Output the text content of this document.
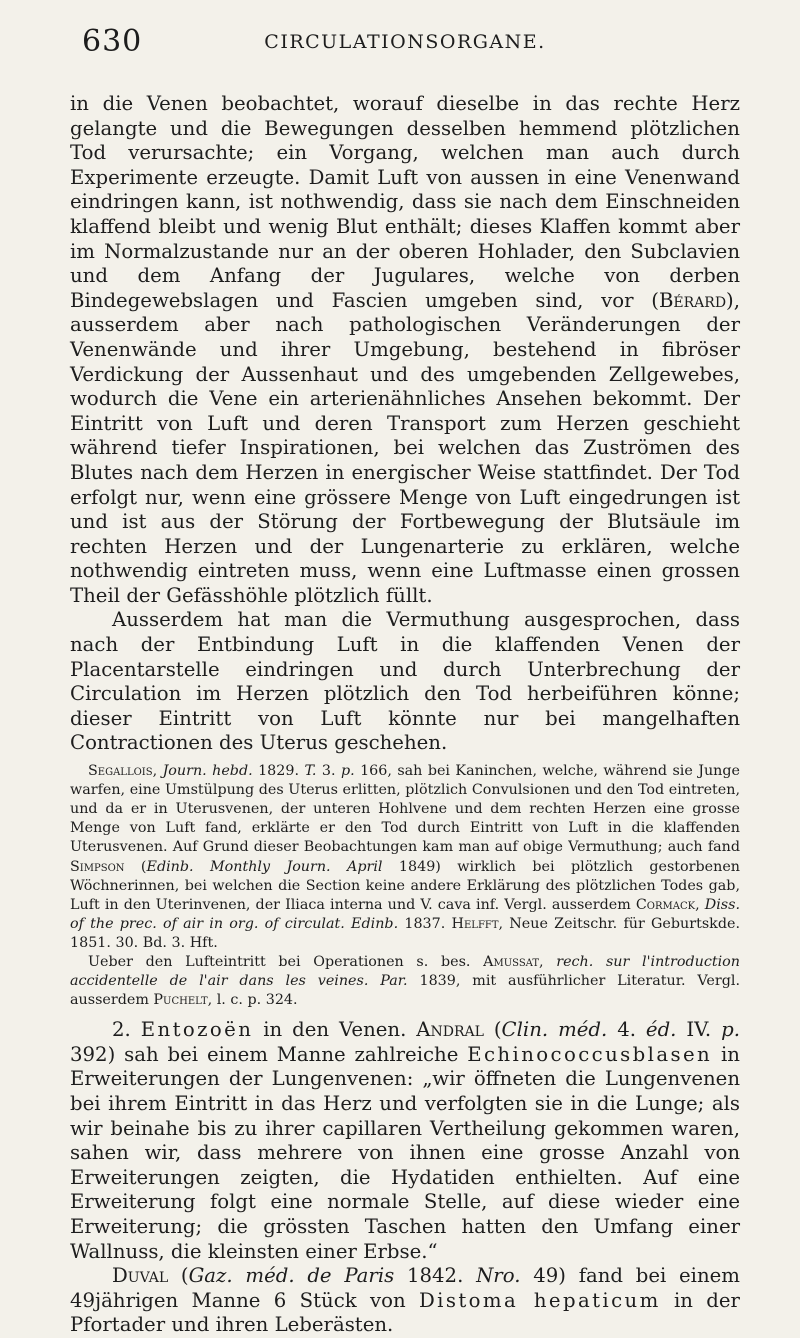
630	CIRCULATIONSORGANE.

in die Venen beobachtet, worauf dieselbe in das rechte Herz gelangte und die Bewegungen desselben hemmend plötzlichen Tod verursachte; ein Vorgang, welchen man auch durch Experimente erzeugte. Damit Luft von aussen in eine Venenwand eindringen kann, ist nothwendig, dass sie nach dem Einschneiden klaffend bleibt und wenig Blut enthält; dieses Klaffen kommt aber im Normalzustande nur an der oberen Hohlader, den Subclavien und dem Anfang der Jugulares, welche von derben Bindegewebslagen und Fascien umgeben sind, vor (Bérard), ausserdem aber nach pathologischen Veränderungen der Venenwände und ihrer Umgebung, bestehend in fibröser Verdickung der Aussenhaut und des umgebenden Zellgewebes, wodurch die Vene ein arterienähnliches Ansehen bekommt. Der Eintritt von Luft und deren Transport zum Herzen geschieht während tiefer Inspirationen, bei welchen das Zuströmen des Blutes nach dem Herzen in energischer Weise stattfindet. Der Tod erfolgt nur, wenn eine grössere Menge von Luft eingedrungen ist und ist aus der Störung der Fortbewegung der Blutsäule im rechten Herzen und der Lungenarterie zu erklären, welche nothwendig eintreten muss, wenn eine Luftmasse einen grossen Theil der Gefässhöhle plötzlich füllt.

Ausserdem hat man die Vermuthung ausgesprochen, dass nach der Entbindung Luft in die klaffenden Venen der Placentarstelle eindringen und durch Unterbrechung der Circulation im Herzen plötzlich den Tod herbeiführen könne; dieser Eintritt von Luft könnte nur bei mangelhaften Contractionen des Uterus geschehen.

Segallois, Journ. hebd. 1829. T. 3. p. 166, sah bei Kaninchen, welche, während sie Junge warfen, eine Umstülpung des Uterus erlitten, plötzlich Convulsionen und den Tod eintreten, und da er in Uterusvenen, der unteren Hohlvene und dem rechten Herzen eine grosse Menge von Luft fand, erklärte er den Tod durch Eintritt von Luft in die klaffenden Uterusvenen. Auf Grund dieser Beobachtungen kam man auf obige Vermuthung; auch fand Simpson (Edinb. Monthly Journ. April 1849) wirklich bei plötzlich gestorbenen Wöchnerinnen, bei welchen die Section keine andere Erklärung des plötzlichen Todes gab, Luft in den Uterinvenen, der Iliaca interna und V. cava inf. Vergl. ausserdem Cormack, Diss. of the prec. of air in org. of circulat. Edinb. 1837. Helfft, Neue Zeitschr. für Geburtskde. 1851. 30. Bd. 3. Hft.

Ueber den Lufteintritt bei Operationen s. bes. Amussat, rech. sur l'introduction accidentelle de l'air dans les veines. Par. 1839, mit ausführlicher Literatur. Vergl. ausserdem Puchelt, l. c. p. 324.

2. Entozoën in den Venen. Andral (Clin. méd. 4. éd. IV. p. 392) sah bei einem Manne zahlreiche Echinococcusblasen in Erweiterungen der Lungenvenen: „wir öffneten die Lungenvenen bei ihrem Eintritt in das Herz und verfolgten sie in die Lunge; als wir beinahe bis zu ihrer capillaren Vertheilung gekommen waren, sahen wir, dass mehrere von ihnen eine grosse Anzahl von Erweiterungen zeigten, die Hydatiden enthielten. Auf eine Erweiterung folgt eine normale Stelle, auf diese wieder eine Erweiterung; die grössten Taschen hatten den Umfang einer Wallnuss, die kleinsten einer Erbse.“

Duval (Gaz. méd. de Paris 1842. Nro. 49) fand bei einem 49jährigen Manne 6 Stück von Distoma hepaticum in der Pfortader und ihren Leberästen.
